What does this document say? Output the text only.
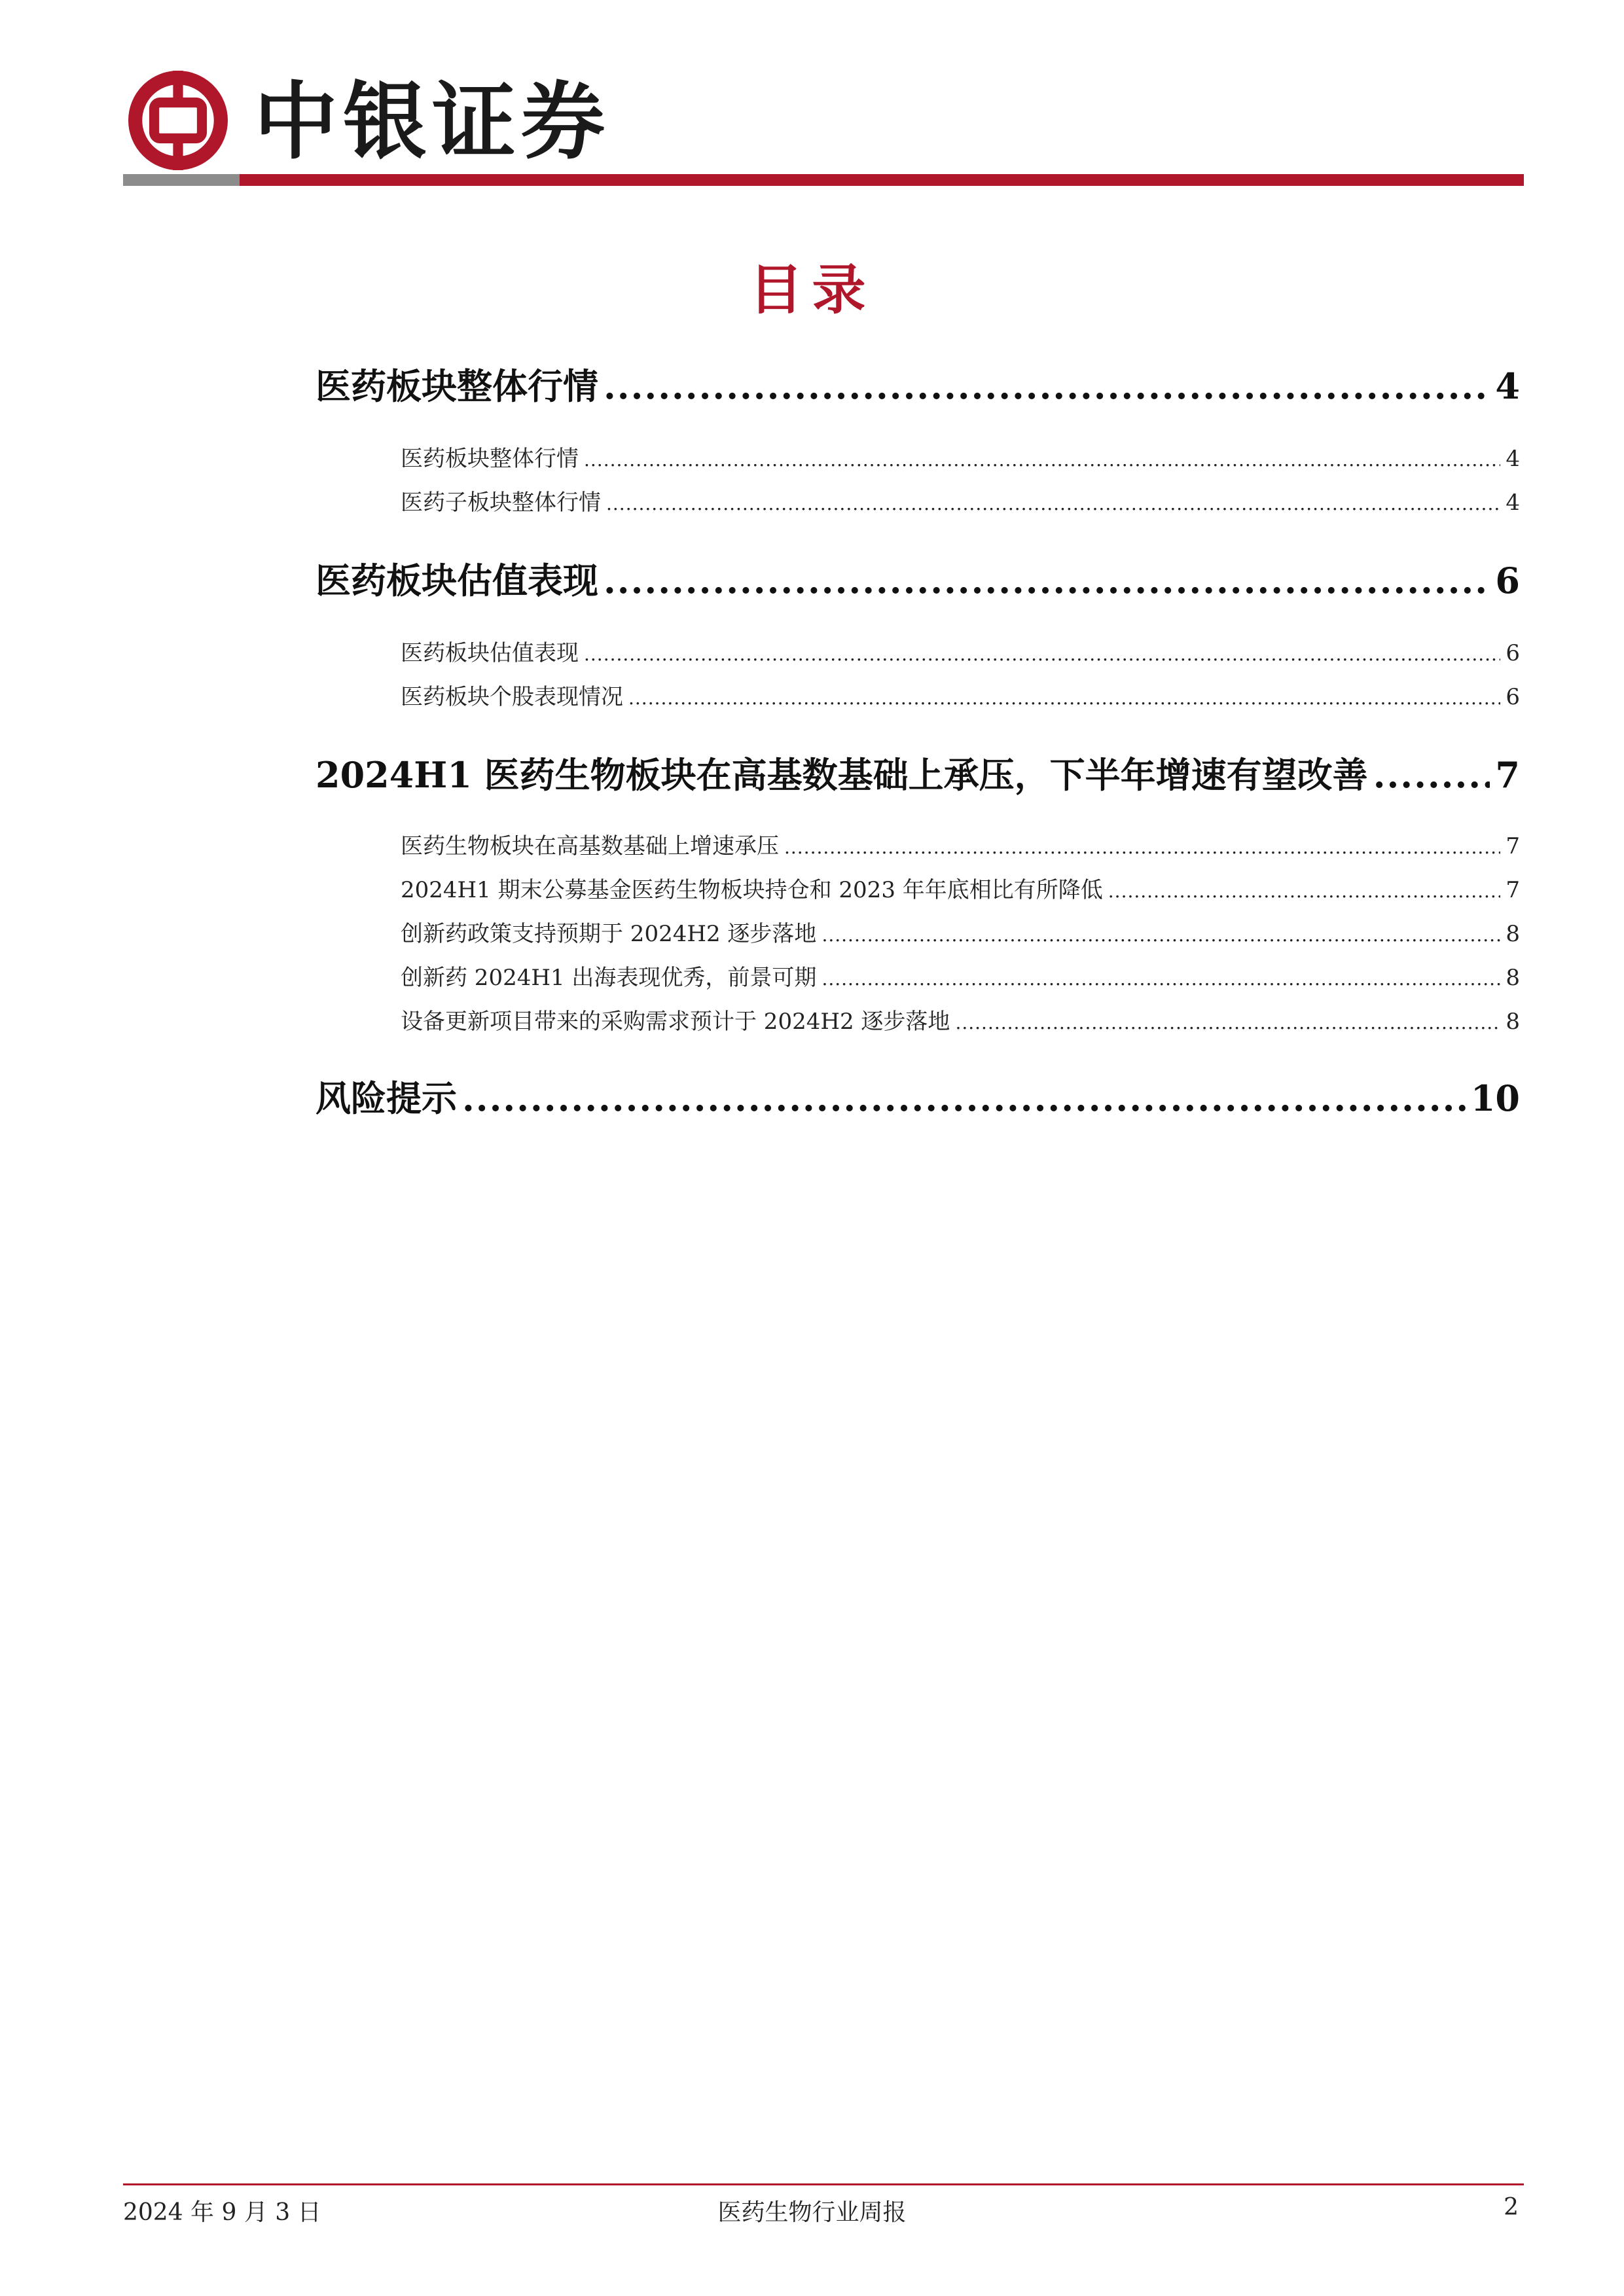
中银证券
目录
医药板块整体行情 .....	4
医药板块整体行情 .....	4
医药子板块整体行情 .....	4
医药板块估值表现 .....	6
医药板块估值表现 .....	6
医药板块个股表现情况 .....	6
2024H1 医药生物板块在高基数基础上承压，下半年增速有望改善 .....	7
医药生物板块在高基数基础上增速承压 .....	7
2024H1 期末公募基金医药生物板块持仓和 2023 年年底相比有所降低 .....	7
创新药政策支持预期于 2024H2 逐步落地 .....	8
创新药 2024H1 出海表现优秀，前景可期 .....	8
设备更新项目带来的采购需求预计于 2024H2 逐步落地 .....	8
风险提示 .....	10
2024 年 9 月 3 日	医药生物行业周报	2
